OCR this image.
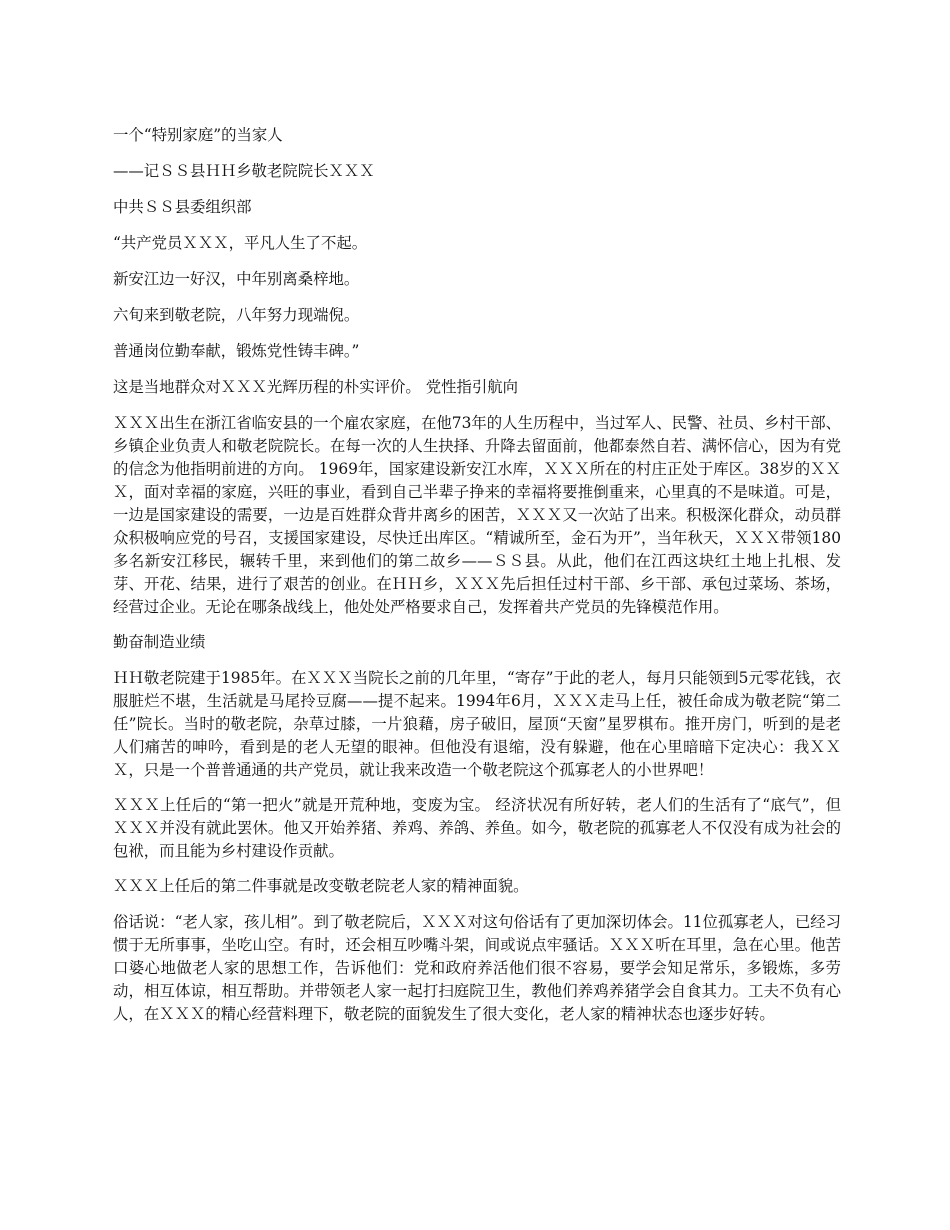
一个“特别家庭”的当家人

——记ＳＳ县ＨＨ乡敬老院院长ＸＸＸ

中共ＳＳ县委组织部

“共产党员ＸＸＸ，平凡人生了不起。

新安江边一好汉，中年别离桑梓地。

六旬来到敬老院，八年努力现端倪。

普通岗位勤奉献，锻炼党性铸丰碑。”

这是当地群众对ＸＸＸ光辉历程的朴实评价。 党性指引航向

ＸＸＸ出生在浙江省临安县的一个雇农家庭，在他73年的人生历程中，当过军人、民警、社员、乡村干部、乡镇企业负责人和敬老院院长。在每一次的人生抉择、升降去留面前，他都泰然自若、满怀信心，因为有党的信念为他指明前进的方向。 1969年，国家建设新安江水库，ＸＸＸ所在的村庄正处于库区。38岁的ＸＸＸ，面对幸福的家庭，兴旺的事业，看到自己半辈子挣来的幸福将要推倒重来，心里真的不是味道。可是，一边是国家建设的需要，一边是百姓群众背井离乡的困苦，ＸＸＸ又一次站了出来。积极深化群众，动员群众积极响应党的号召，支援国家建设，尽快迁出库区。“精诚所至，金石为开”，当年秋天，ＸＸＸ带领180多名新安江移民，辗转千里，来到他们的第二故乡——ＳＳ县。从此，他们在江西这块红土地上扎根、发芽、开花、结果，进行了艰苦的创业。在ＨＨ乡，ＸＸＸ先后担任过村干部、乡干部、承包过菜场、茶场，经营过企业。无论在哪条战线上，他处处严格要求自己，发挥着共产党员的先锋模范作用。

勤奋制造业绩

ＨＨ敬老院建于1985年。在ＸＸＸ当院长之前的几年里，“寄存”于此的老人，每月只能领到5元零花钱，衣服脏烂不堪，生活就是马尾拎豆腐——提不起来。1994年6月，ＸＸＸ走马上任，被任命成为敬老院“第二任”院长。当时的敬老院，杂草过膝，一片狼藉，房子破旧，屋顶“天窗”星罗棋布。推开房门，听到的是老人们痛苦的呻吟，看到是的老人无望的眼神。但他没有退缩，没有躲避，他在心里暗暗下定决心：我ＸＸＸ，只是一个普普通通的共产党员，就让我来改造一个敬老院这个孤寡老人的小世界吧！

ＸＸＸ上任后的“第一把火”就是开荒种地，变废为宝。 经济状况有所好转，老人们的生活有了“底气”，但ＸＸＸ并没有就此罢休。他又开始养猪、养鸡、养鸽、养鱼。如今，敬老院的孤寡老人不仅没有成为社会的包袱，而且能为乡村建设作贡献。

ＸＸＸ上任后的第二件事就是改变敬老院老人家的精神面貌。

俗话说：“老人家，孩儿相”。到了敬老院后，ＸＸＸ对这句俗话有了更加深切体会。11位孤寡老人，已经习惯于无所事事，坐吃山空。有时，还会相互吵嘴斗架，间或说点牢骚话。ＸＸＸ听在耳里，急在心里。他苦口婆心地做老人家的思想工作，告诉他们：党和政府养活他们很不容易，要学会知足常乐，多锻炼，多劳动，相互体谅，相互帮助。并带领老人家一起打扫庭院卫生，教他们养鸡养猪学会自食其力。工夫不负有心人，在ＸＸＸ的精心经营料理下，敬老院的面貌发生了很大变化，老人家的精神状态也逐步好转。
